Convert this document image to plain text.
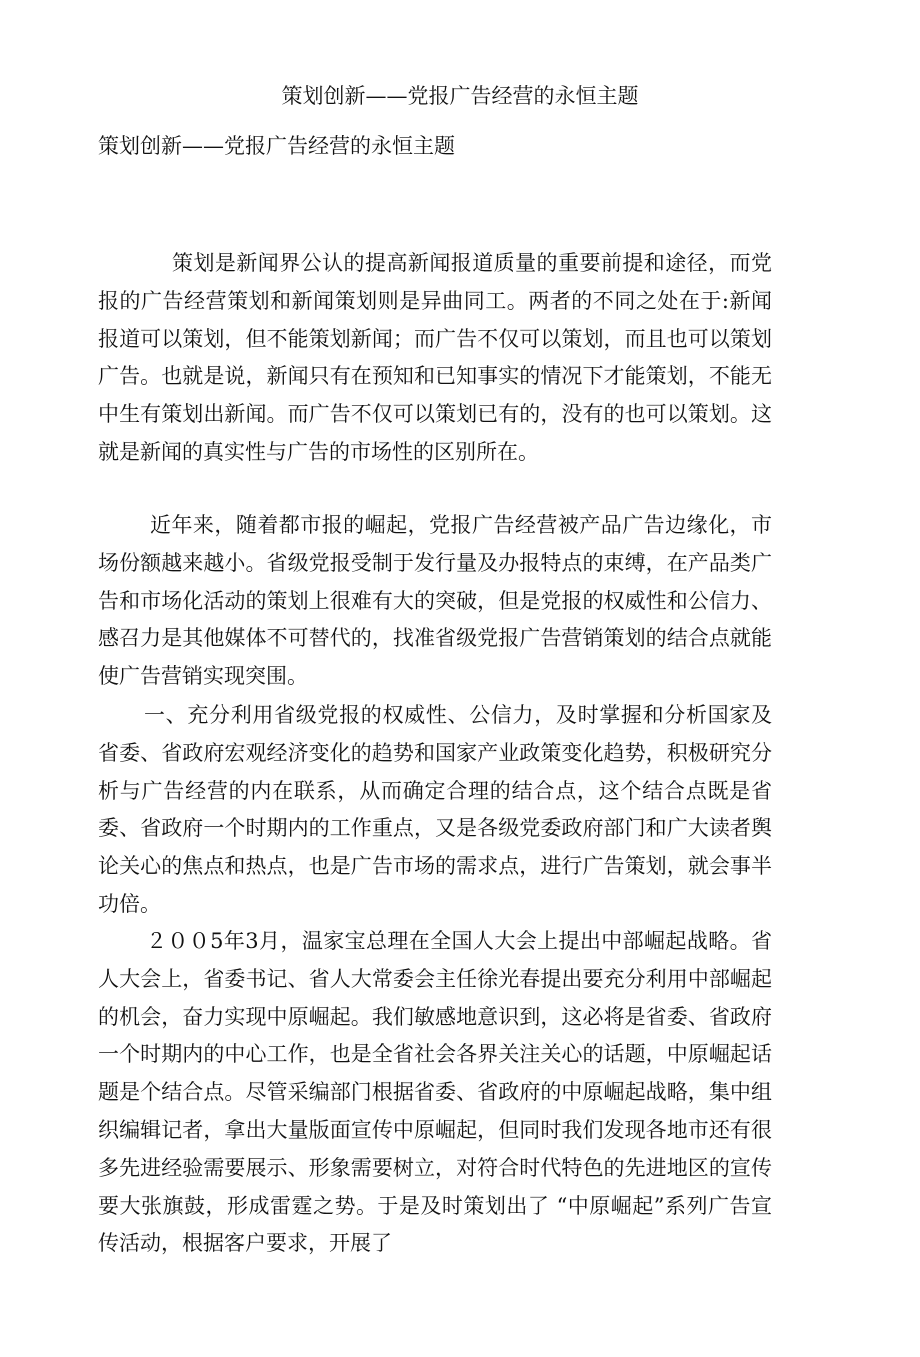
策划创新——党报广告经营的永恒主题
策划创新——党报广告经营的永恒主题

策划是新闻界公认的提高新闻报道质量的重要前提和途径，而党报的广告经营策划和新闻策划则是异曲同工。两者的不同之处在于:新闻报道可以策划，但不能策划新闻；而广告不仅可以策划，而且也可以策划广告。也就是说，新闻只有在预知和已知事实的情况下才能策划，不能无中生有策划出新闻。而广告不仅可以策划已有的，没有的也可以策划。这就是新闻的真实性与广告的市场性的区别所在。

近年来，随着都市报的崛起，党报广告经营被产品广告边缘化，市场份额越来越小。省级党报受制于发行量及办报特点的束缚，在产品类广告和市场化活动的策划上很难有大的突破，但是党报的权威性和公信力、感召力是其他媒体不可替代的，找准省级党报广告营销策划的结合点就能使广告营销实现突围。

一、充分利用省级党报的权威性、公信力，及时掌握和分析国家及省委、省政府宏观经济变化的趋势和国家产业政策变化趋势，积极研究分析与广告经营的内在联系，从而确定合理的结合点，这个结合点既是省委、省政府一个时期内的工作重点，又是各级党委政府部门和广大读者舆论关心的焦点和热点，也是广告市场的需求点，进行广告策划，就会事半功倍。

２００5年3月，温家宝总理在全国人大会上提出中部崛起战略。省人大会上，省委书记、省人大常委会主任徐光春提出要充分利用中部崛起的机会，奋力实现中原崛起。我们敏感地意识到，这必将是省委、省政府一个时期内的中心工作，也是全省社会各界关注关心的话题，中原崛起话题是个结合点。尽管采编部门根据省委、省政府的中原崛起战略，集中组织编辑记者，拿出大量版面宣传中原崛起，但同时我们发现各地市还有很多先进经验需要展示、形象需要树立，对符合时代特色的先进地区的宣传要大张旗鼓，形成雷霆之势。于是及时策划出了 “中原崛起”系列广告宣传活动，根据客户要求，开展了
